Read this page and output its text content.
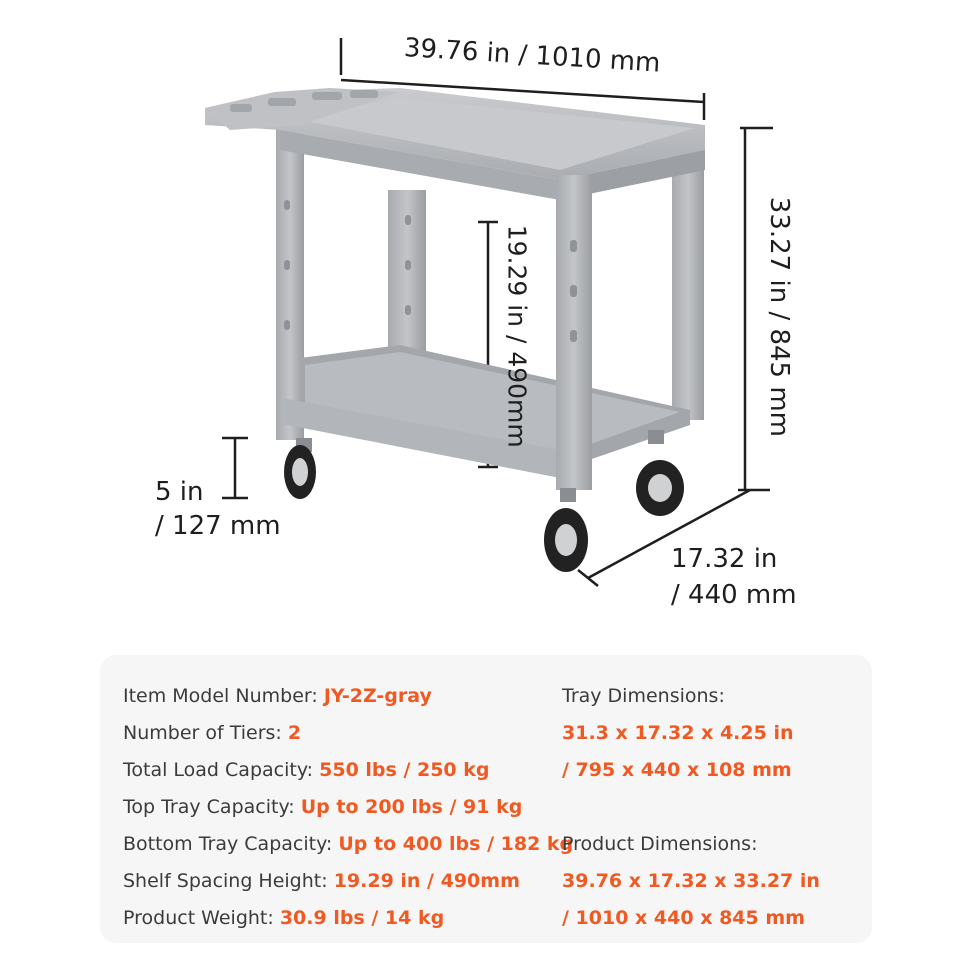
39.76 in / 1010 mm
33.27 in / 845 mm
19.29 in / 490mm
5 in
/ 127 mm
17.32 in
/ 440 mm
Item Model Number: JY-2Z-gray
Number of Tiers: 2
Total Load Capacity: 550 lbs / 250 kg
Top Tray Capacity: Up to 200 lbs / 91 kg
Bottom Tray Capacity: Up to 400 lbs / 182 kg
Shelf Spacing Height: 19.29 in / 490mm
Product Weight: 30.9 lbs / 14 kg
Tray Dimensions:
31.3 x 17.32 x 4.25 in
/ 795 x 440 x 108 mm
Product Dimensions:
39.76 x 17.32 x 33.27 in
/ 1010 x 440 x 845 mm
